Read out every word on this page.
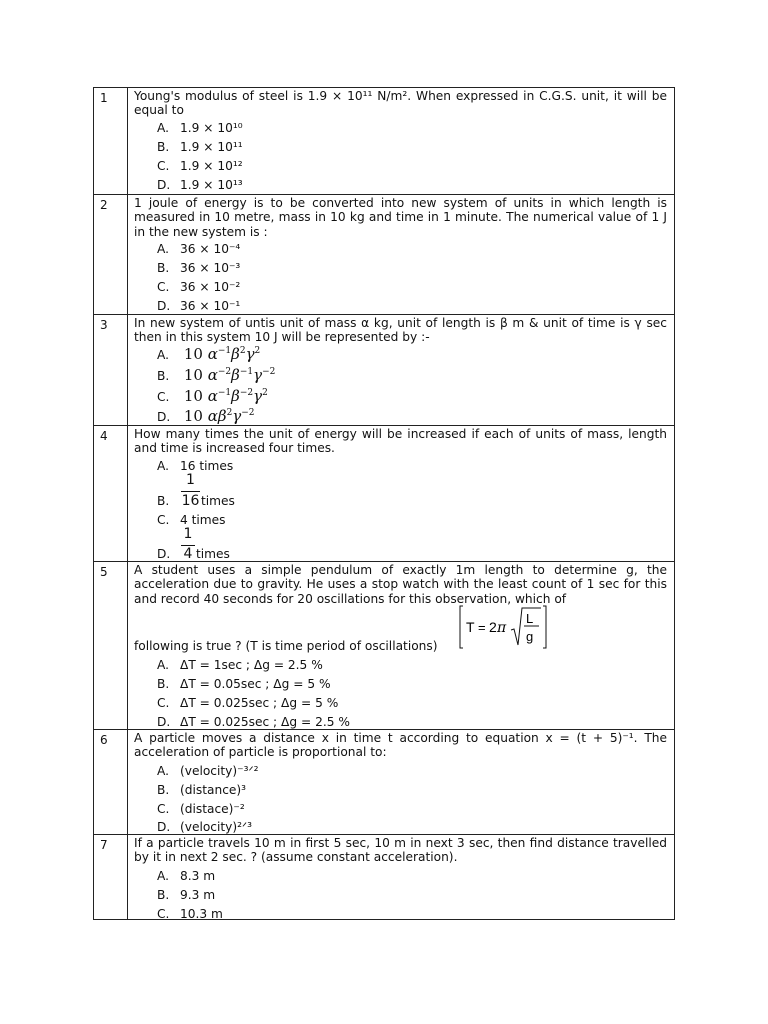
1 Young's modulus of steel is 1.9 × 10¹¹ N/m². When expressed in C.G.S. unit, it will be equal to
A. 1.9 × 10¹⁰
B. 1.9 × 10¹¹
C. 1.9 × 10¹²
D. 1.9 × 10¹³
2 1 joule of energy is to be converted into new system of units in which length is measured in 10 metre, mass in 10 kg and time in 1 minute. The numerical value of 1 J in the new system is :
A. 36 × 10⁻⁴
B. 36 × 10⁻³
C. 36 × 10⁻²
D. 36 × 10⁻¹
3 In new system of untis unit of mass α kg, unit of length is β m & unit of time is γ sec then in this system 10 J will be represented by :-
A. 10 $\alpha^{-1}\beta^2\gamma^2$
B. 10 $\alpha^{-2}\beta^{-1}\gamma^{-2}$
C. 10 $\alpha^{-1}\beta^{-2}\gamma^2$
D. 10 $\alpha\beta^2\gamma^{-2}$
4 How many times the unit of energy will be increased if each of units of mass, length and time is increased four times.
A. 16 times
1
16
B.	times
C. 4 times
1
4
D. times
5 A student uses a simple pendulum of exactly 1m length to determine g, the acceleration due to gravity. He uses a stop watch with the least count of 1 sec for this and record 40 seconds for 20 oscillations for this observation, which of
following is true ? (T is time period of oscillations)
T = 2 π
L
g
A. ΔT = 1sec ; Δg = 2.5 %
B. ΔT = 0.05sec ; Δg = 5 %
C. ΔT = 0.025sec ; Δg = 5 %
D. ΔT = 0.025sec ; Δg = 2.5 %
6 A particle moves a distance x in time t according to equation x = (t + 5)⁻¹. The acceleration of particle is proportional to:
A. (velocity)⁻³ᐟ²
B. (distance)³
C. (distace)⁻²
D. (velocity)²ᐟ³
7 If a particle travels 10 m in first 5 sec, 10 m in next 3 sec, then find distance travelled by it in next 2 sec. ? (assume constant acceleration).
A. 8.3 m
B. 9.3 m
C. 10.3 m
